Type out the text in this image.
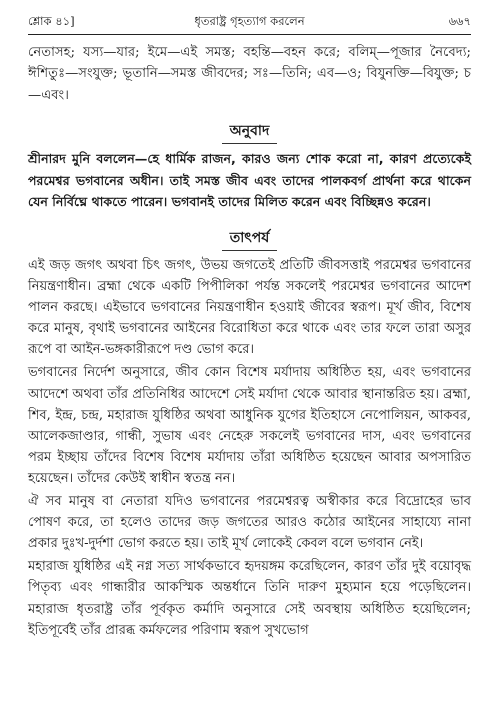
শ্লোক ৪১]	ধৃতরাষ্ট্র গৃহত্যাগ করলেন	৬৬৭

নেতাসহ; যস্য—যার; ইমে—এই সমস্ত; বহন্তি—বহন করে; বলিম্—পূজার নৈবেদ্য; ঈশিতুঃ—সংযুক্ত; ভূতানি—সমস্ত জীবদের; সঃ—তিনি; এব—ও; বিযুনক্তি—বিযুক্ত; চ—এবং।

অনুবাদ

শ্রীনারদ মুনি বললেন—হে ধার্মিক রাজন, কারও জন্য শোক করো না, কারণ প্রত্যেকেই পরমেশ্বর ভগবানের অধীন। তাই সমস্ত জীব এবং তাদের পালকবর্গ প্রার্থনা করে থাকেন যেন নির্বিঘ্নে থাকতে পারেন। ভগবানই তাদের মিলিত করেন এবং বিচ্ছিন্নও করেন।

তাৎপর্য

এই জড় জগৎ অথবা চিৎ জগৎ, উভয় জগতেই প্রতিটি জীবসত্তাই পরমেশ্বর ভগবানের নিয়ন্ত্রণাধীন। ব্রহ্মা থেকে একটি পিপীলিকা পর্যন্ত সকলেই পরমেশ্বর ভগবানের আদেশ পালন করছে। এইভাবে ভগবানের নিয়ন্ত্রণাধীন হওয়াই জীবের স্বরূপ। মূর্খ জীব, বিশেষ করে মানুষ, বৃথাই ভগবানের আইনের বিরোধিতা করে থাকে এবং তার ফলে তারা অসুর রূপে বা আইন-ভঙ্গকারীরূপে দণ্ড ভোগ করে।

ভগবানের নির্দেশ অনুসারে, জীব কোন বিশেষ মর্যাদায় অধিষ্ঠিত হয়, এবং ভগবানের আদেশে অথবা তাঁর প্রতিনিধির আদেশে সেই মর্যাদা থেকে আবার স্থানান্তরিত হয়। ব্রহ্মা, শিব, ইন্দ্র, চন্দ্র, মহারাজ যুধিষ্ঠির অথবা আধুনিক যুগের ইতিহাসে নেপোলিয়ন, আকবর, আলেকজাণ্ডার, গান্ধী, সুভাষ এবং নেহেরু সকলেই ভগবানের দাস, এবং ভগবানের পরম ইচ্ছায় তাঁদের বিশেষ বিশেষ মর্যাদায় তাঁরা অধিষ্ঠিত হয়েছেন আবার অপসারিত হয়েছেন। তাঁদের কেউই স্বাধীন স্বতন্ত্র নন।

ঐ সব মানুষ বা নেতারা যদিও ভগবানের পরমেশ্বরত্ব অস্বীকার করে বিদ্রোহের ভাব পোষণ করে, তা হলেও তাদের জড় জগতের আরও কঠোর আইনের সাহায্যে নানা প্রকার দুঃখ-দুর্দশা ভোগ করতে হয়। তাই মূর্খ লোকেই কেবল বলে ভগবান নেই।

মহারাজ যুধিষ্ঠির এই নগ্ন সত্য সার্থকভাবে হৃদয়ঙ্গম করেছিলেন, কারণ তাঁর দুই বয়োবৃদ্ধ পিতৃব্য এবং গান্ধারীর আকস্মিক অন্তর্ধানে তিনি দারুণ মুহ্যমান হয়ে পড়েছিলেন। মহারাজ ধৃতরাষ্ট্র তাঁর পূর্বকৃত কর্মাদি অনুসারে সেই অবস্থায় অধিষ্ঠিত হয়েছিলেন; ইতিপূর্বেই তাঁর প্রারব্ধ কর্মফলের পরিণাম স্বরূপ সুখভোগ
